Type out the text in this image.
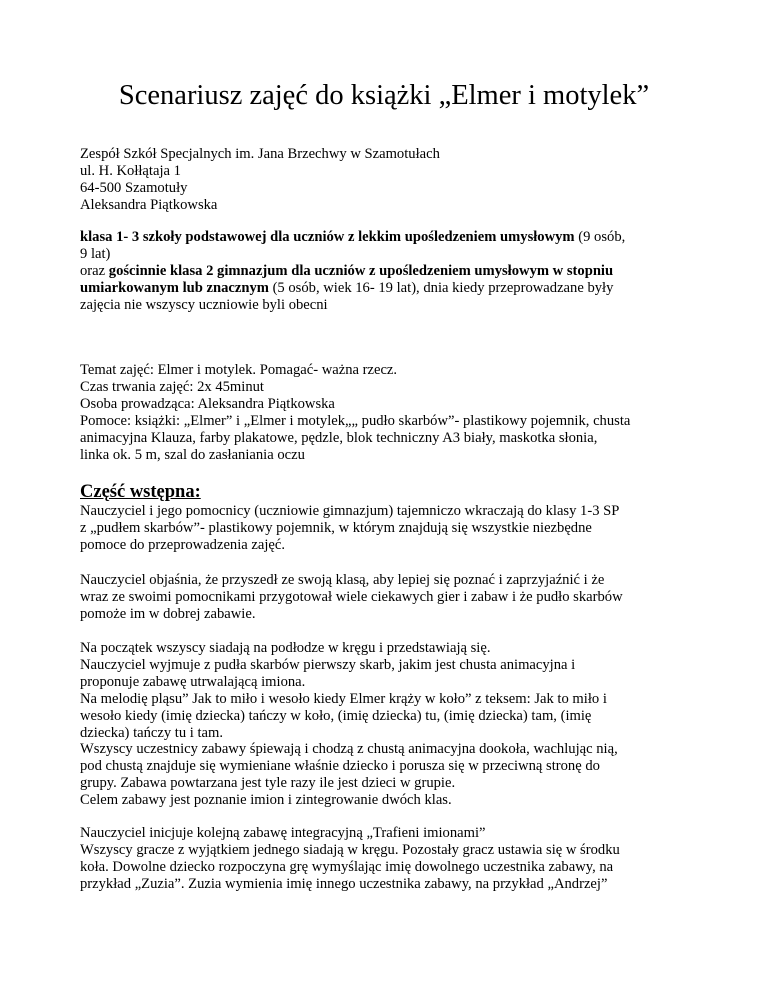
Scenariusz zajęć do książki „Elmer i motylek”
Zespół Szkół Specjalnych im. Jana Brzechwy w Szamotułach
ul. H. Kołłątaja 1
64-500 Szamotuły
Aleksandra Piątkowska
klasa 1- 3 szkoły podstawowej dla uczniów z lekkim upośledzeniem umysłowym (9 osób,
9 lat)
oraz gościnnie klasa 2 gimnazjum dla uczniów z upośledzeniem umysłowym w stopniu
umiarkowanym lub znacznym (5 osób, wiek 16- 19 lat), dnia kiedy przeprowadzane były
zajęcia nie wszyscy uczniowie byli obecni
Temat zajęć: Elmer i motylek. Pomagać- ważna rzecz.
Czas trwania zajęć: 2x 45minut
Osoba prowadząca: Aleksandra Piątkowska
Pomoce: książki: „Elmer” i „Elmer i motylek„„ pudło skarbów”- plastikowy pojemnik, chusta
animacyjna Klauza, farby plakatowe, pędzle, blok techniczny A3 biały, maskotka słonia,
linka ok. 5 m, szal do zasłaniania oczu
Część wstępna:
Nauczyciel i jego pomocnicy (uczniowie gimnazjum) tajemniczo wkraczają do klasy 1-3 SP
z „pudłem skarbów”- plastikowy pojemnik, w którym znajdują się wszystkie niezbędne
pomoce do przeprowadzenia zajęć.
Nauczyciel objaśnia, że przyszedł ze swoją klasą, aby lepiej się poznać i zaprzyjaźnić i że
wraz ze swoimi pomocnikami przygotował wiele ciekawych gier i zabaw i że pudło skarbów
pomoże im w dobrej zabawie.
Na początek wszyscy siadają na podłodze w kręgu i przedstawiają się.
Nauczyciel wyjmuje z pudła skarbów pierwszy skarb, jakim jest chusta animacyjna i
proponuje zabawę utrwalającą imiona.
Na melodię pląsu” Jak to miło i wesoło kiedy Elmer krąży w koło” z teksem: Jak to miło i
wesoło kiedy (imię dziecka) tańczy w koło, (imię dziecka) tu, (imię dziecka) tam, (imię
dziecka) tańczy tu i tam.
Wszyscy uczestnicy zabawy śpiewają i chodzą z chustą animacyjna dookoła, wachlując nią,
pod chustą znajduje się wymieniane właśnie dziecko i porusza się w przeciwną stronę do
grupy. Zabawa powtarzana jest tyle razy ile jest dzieci w grupie.
Celem zabawy jest poznanie imion i zintegrowanie dwóch klas.
Nauczyciel inicjuje kolejną zabawę integracyjną „Trafieni imionami”
Wszyscy gracze z wyjątkiem jednego siadają w kręgu. Pozostały gracz ustawia się w środku
koła. Dowolne dziecko rozpoczyna grę wymyślając imię dowolnego uczestnika zabawy, na
przykład „Zuzia”. Zuzia wymienia imię innego uczestnika zabawy, na przykład „Andrzej”
